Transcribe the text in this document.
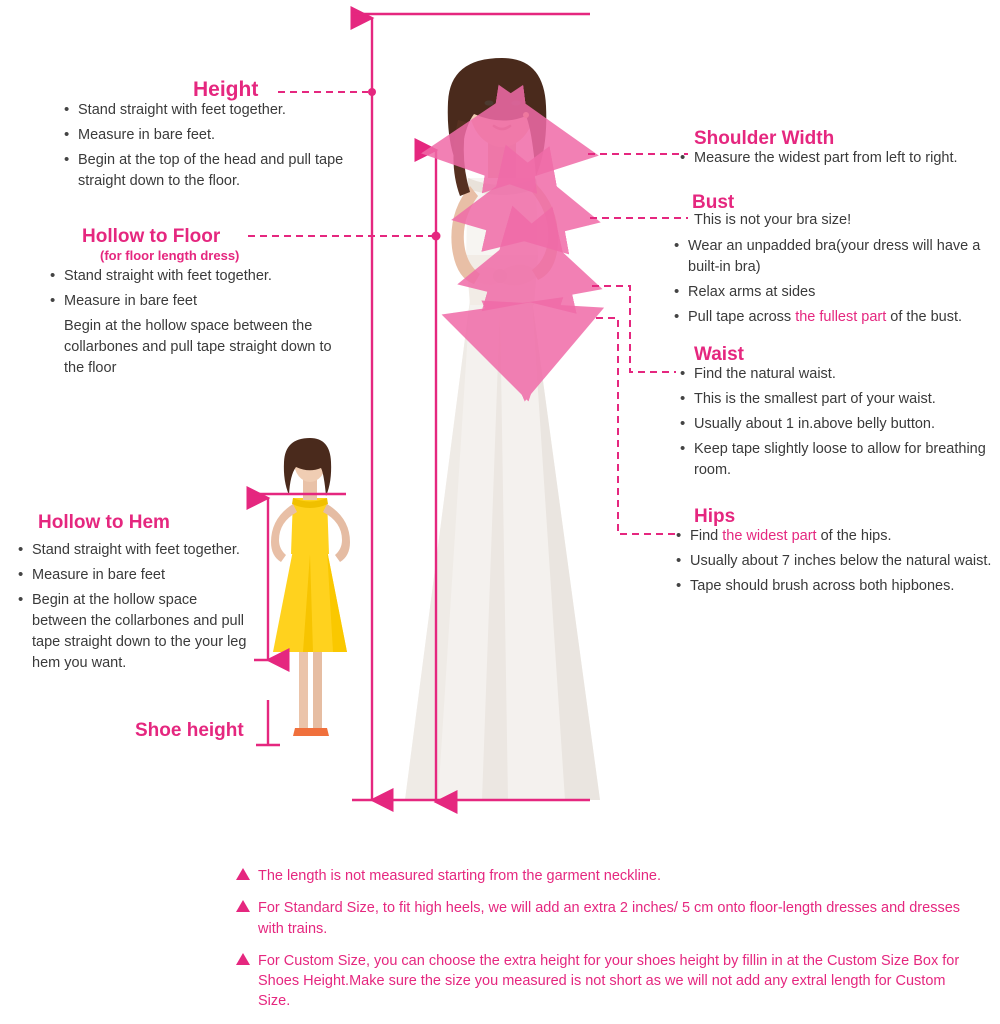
Height
• Stand straight with feet together.
• Measure in bare feet.
• Begin at the top of the head and pull tape straight down to the floor.
Hollow to Floor
(for floor length dress)
• Stand straight with feet together.
• Measure in bare feet
Begin at the hollow space between the collarbones and pull tape straight down to the floor
Hollow to Hem
• Stand straight with feet together.
• Measure in bare feet
• Begin at the hollow space between the collarbones and pull tape straight down to the your leg hem you want.
Shoe height
Shoulder Width
• Measure the widest part from left to right.
Bust
This is not your bra size!
• Wear an unpadded bra(your dress will have a built-in bra)
• Relax arms at sides
• Pull tape across the fullest part of the bust.
Waist
• Find the natural waist.
• This is the smallest part of your waist.
• Usually about 1 in.above belly button.
• Keep tape slightly loose to allow for breathing room.
Hips
• Find the widest part of the hips.
• Usually about 7 inches below the natural waist.
• Tape should brush across both hipbones.
The length is not measured starting from the garment neckline.
For Standard Size, to fit high heels, we will add an extra 2 inches/ 5 cm onto floor-length dresses and dresses with trains.
For Custom Size, you can choose the extra height for your shoes height by fillin in at the Custom Size Box for Shoes Height.Make sure the size you measured is not short as we will not add any extral length for Custom Size.
